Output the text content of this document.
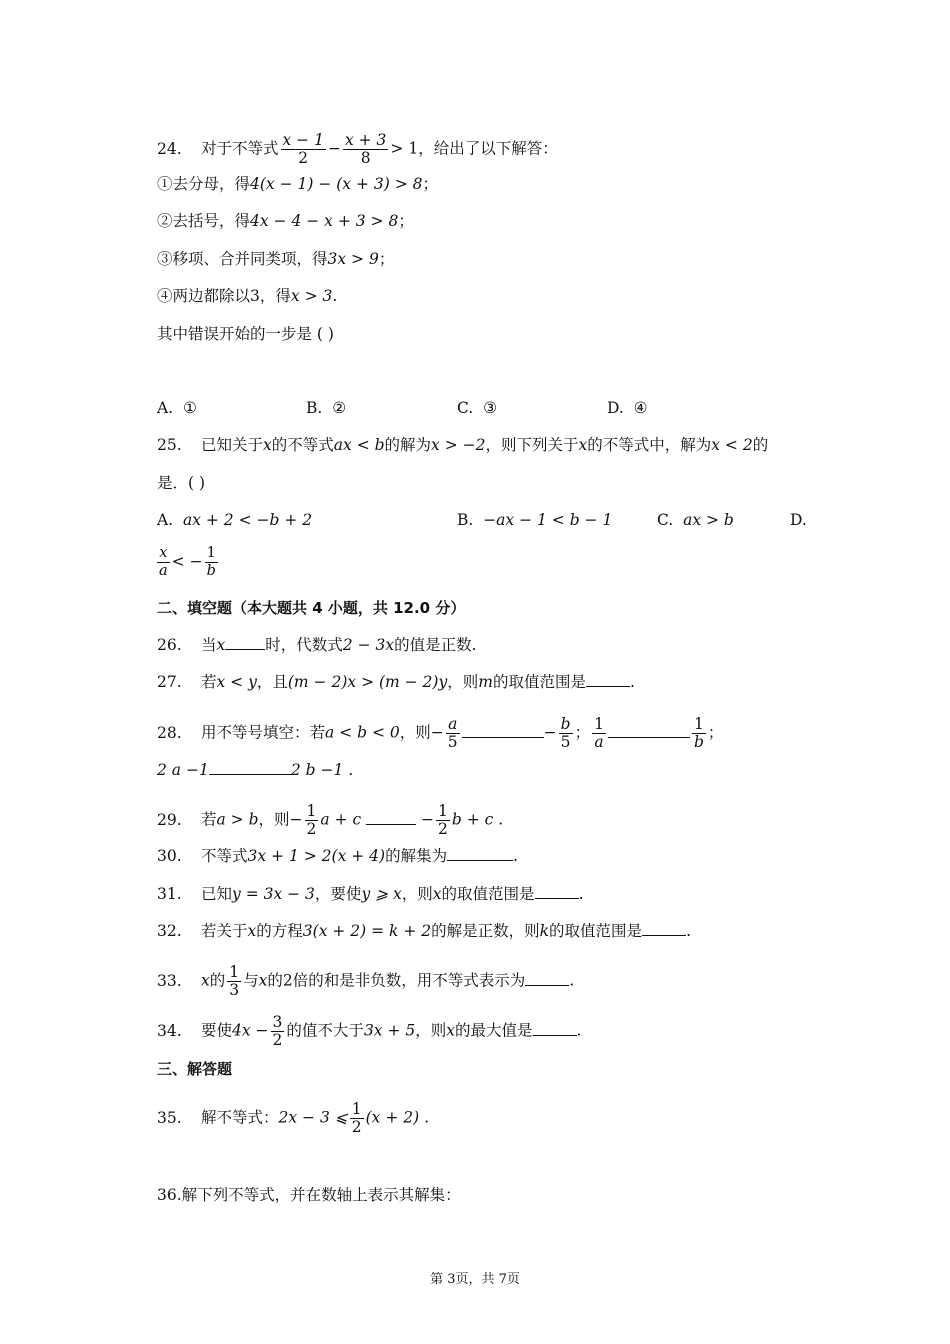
24. 对于不等式 $\frac{x - 1}{2} - \frac{x + 3}{8} > 1$，给出了以下解答：
①去分母，得4(x − 1) − (x + 3) > 8；
②去括号，得4x − 4 − x + 3 > 8；
③移项、合并同类项，得3x > 9；
④两边都除以3，得x > 3.
其中错误开始的一步是 ( )
A. ①	B. ②	C. ③	D. ④
25. 已知关于x的不等式ax < b的解为x > −2，则下列关于x的不等式中，解为x < 2的
是．( )
A. ax + 2 < −b + 2	B. −ax − 1 < b − 1	C. ax > b	D.
$\frac{x}{a}$ < − $\frac{1}{b}$
二、填空题（本大题共 4 小题，共 12.0 分）
26. 当x	时，代数式2 − 3x的值是正数.
27. 若x < y，且(m − 2)x > (m − 2)y，则m的取值范围是	.
28. 用不等号填空：若a < b < 0，则− $\frac{a}{5}$	− $\frac{b}{5}$ ； $\frac{1}{a}$	$\frac{1}{b}$ ；
2 a −1	2 b −1 .
29. 若a > b，则− $\frac{1}{2}$ a + c	− $\frac{1}{2}$ b + c .
30. 不等式3x + 1 > 2(x + 4)的解集为	.
31. 已知y = 3x − 3，要使y ⩾ x，则x的取值范围是	.
32. 若关于x的方程3(x + 2) = k + 2的解是正数，则k的取值范围是	.
33. x的 $\frac{1}{3}$ 与x的2倍的和是非负数，用不等式表示为	.
34. 要使$4x - \frac{3}{2}$ 的值不大于3x + 5，则x的最大值是	.
三、解答题
35. 解不等式：2x − 3 ⩽ $\frac{1}{2} (x + 2)$ .
36.解下列不等式，并在数轴上表示其解集：
第 3页，共 7页
